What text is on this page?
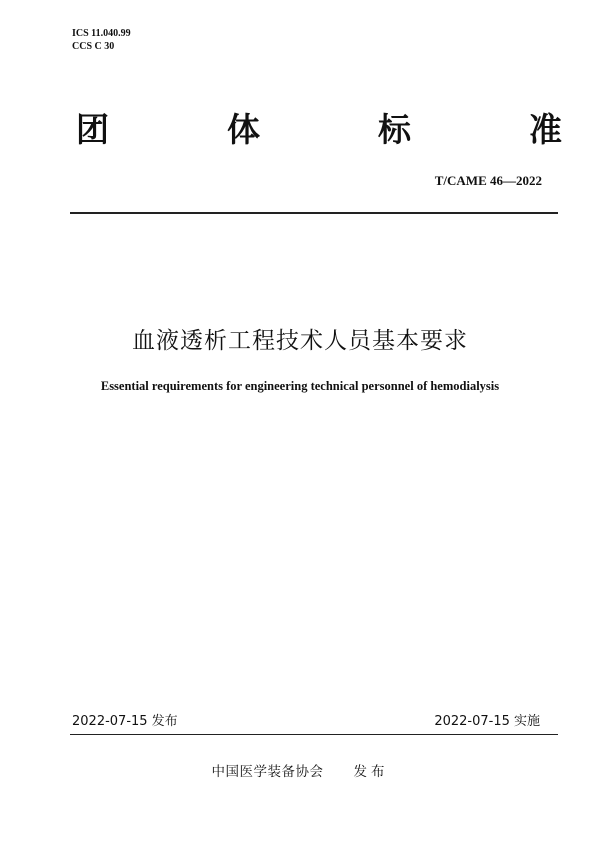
ICS 11.040.99
CCS C 30
团	体	标	准
T/CAME 46—2022
血液透析工程技术人员基本要求
Essential requirements for engineering technical personnel of hemodialysis
2022-07-15 发布	2022-07-15 实施
中国医学装备协会 发布
